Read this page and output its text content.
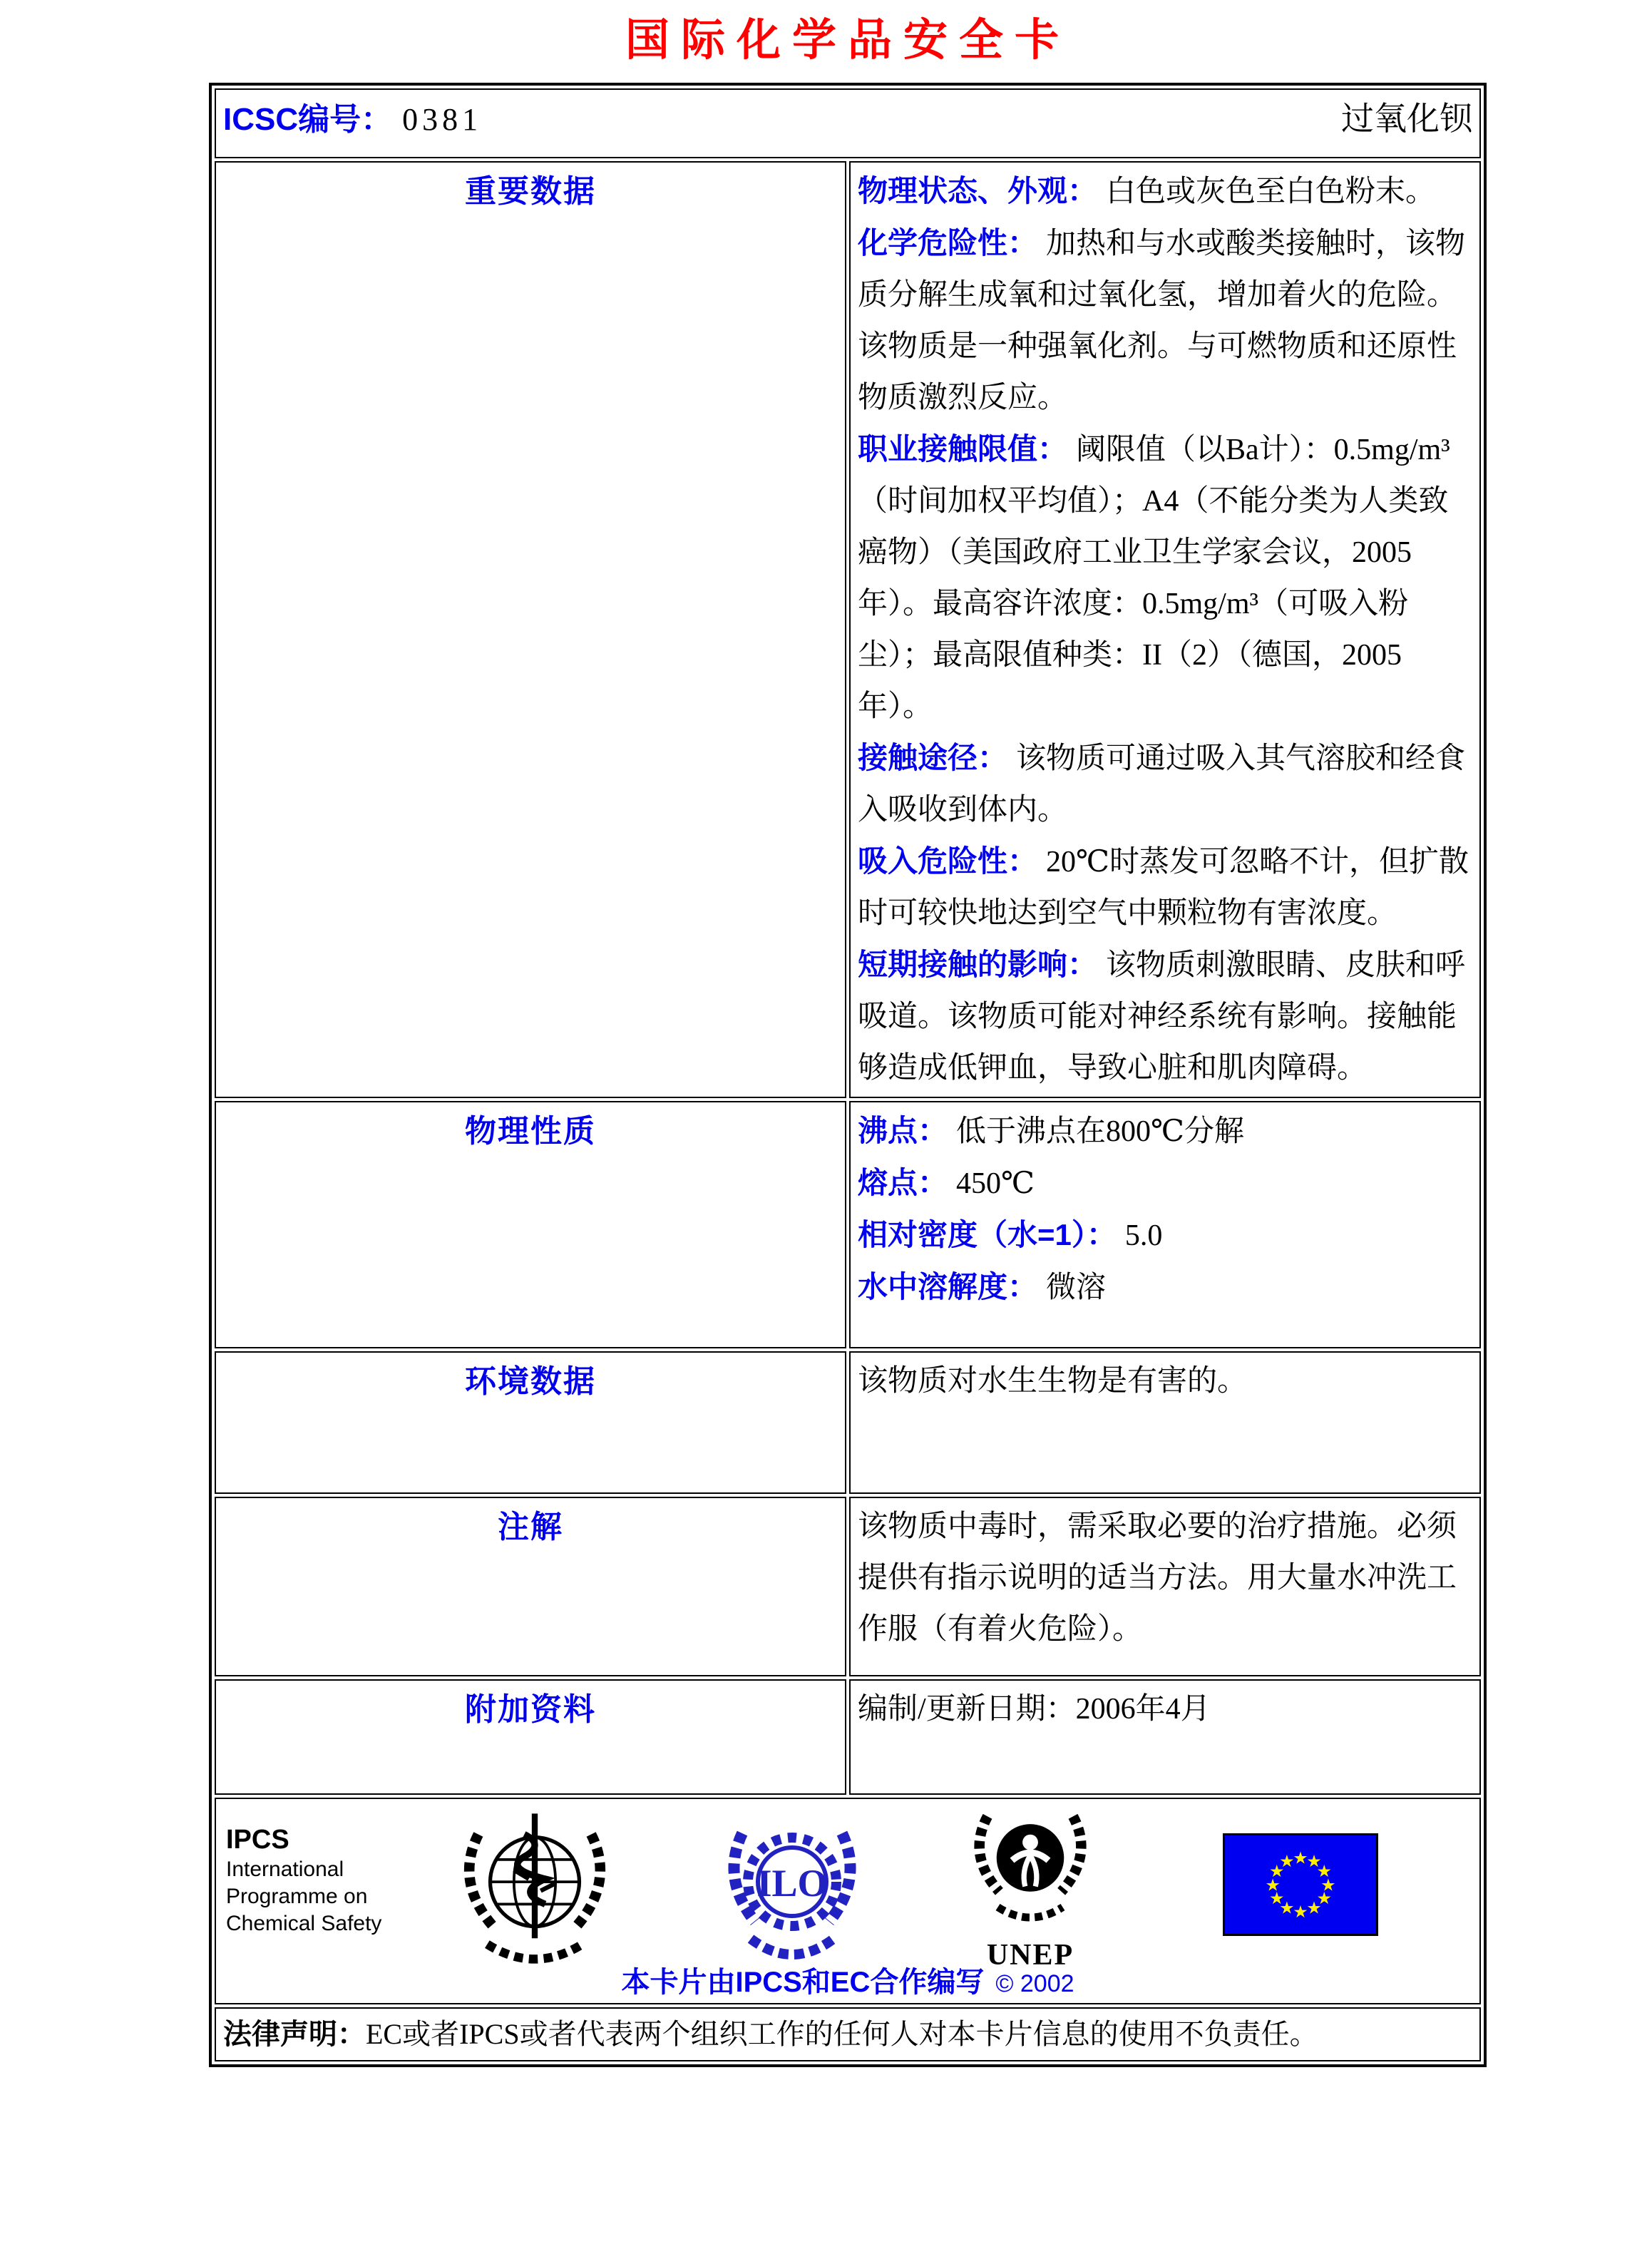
国际化学品安全卡
ICSC编号： 0381 过氧化钡	

重要数据	物理状态、外观： 白色或灰色至白色粉末。

化学危险性： 加热和与水或酸类接触时，该物质分解生成氧和过氧化氢，增加着火的危险。该物质是一种强氧化剂。与可燃物质和还原性物质激烈反应。

职业接触限值： 阈限值（以Ba计）：0.5mg/m³（时间加权平均值）；A4（不能分类为人类致癌物）（美国政府工业卫生学家会议，2005年）。最高容许浓度：0.5mg/m³（可吸入粉尘）；最高限值种类：II（2）（德国，2005年）。

接触途径： 该物质可通过吸入其气溶胶和经食入吸收到体内。

吸入危险性： 20℃时蒸发可忽略不计，但扩散时可较快地达到空气中颗粒物有害浓度。

短期接触的影响： 该物质刺激眼睛、皮肤和呼吸道。该物质可能对神经系统有影响。接触能够造成低钾血，导致心脏和肌肉障碍。

物理性质	沸点： 低于沸点在800℃分解

熔点： 450℃

相对密度（水=1）： 5.0

水中溶解度： 微溶

环境数据	该物质对水生生物是有害的。

注解	该物质中毒时，需采取必要的治疗措施。必须提供有指示说明的适当方法。用大量水冲洗工作服（有着火危险）。

附加资料	编制/更新日期：2006年4月

IPCS
International
Programme on
Chemical Safety
ILO
UNEP
★
★
★
★
★
★
★
★
★
★
★
★
本卡片由IPCS和EC合作编写 © 2002

法律声明：EC或者IPCS或者代表两个组织工作的任何人对本卡片信息的使用不负责任。	
